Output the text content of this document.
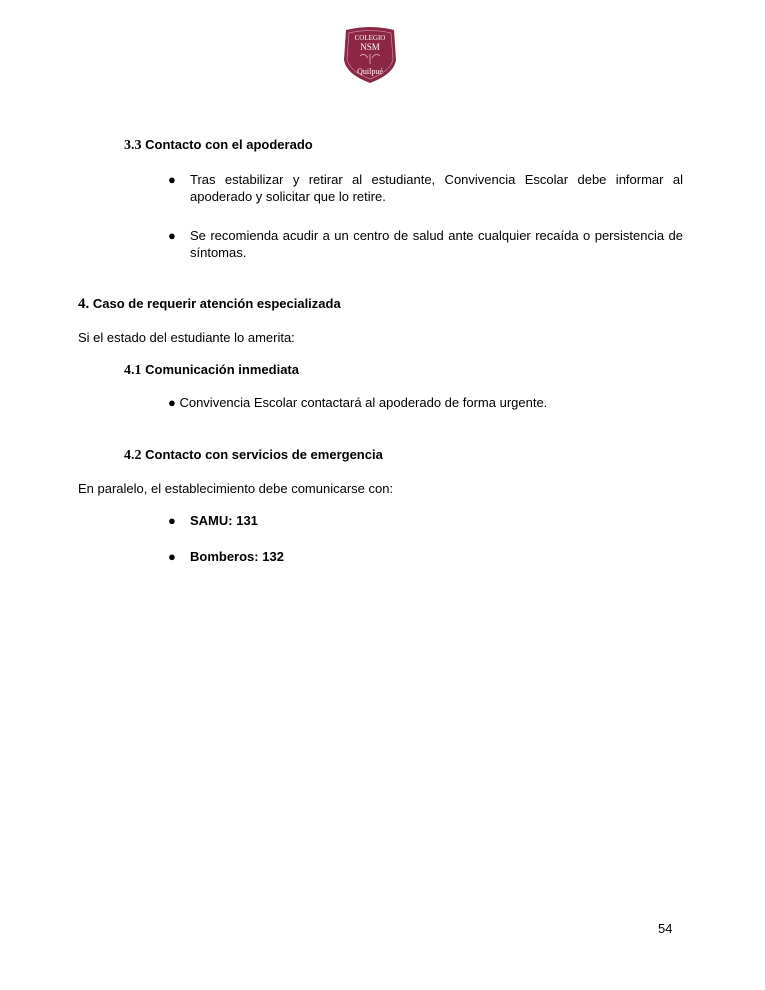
COLEGIO
NSM
Quilpué
3.3 Contacto con el apoderado
● Tras estabilizar y retirar al estudiante, Convivencia Escolar debe informar al apoderado y solicitar que lo retire.
● Se recomienda acudir a un centro de salud ante cualquier recaída o persistencia de síntomas.
4. Caso de requerir atención especializada
Si el estado del estudiante lo amerita:
4.1 Comunicación inmediata
● Convivencia Escolar contactará al apoderado de forma urgente.
4.2 Contacto con servicios de emergencia
En paralelo, el establecimiento debe comunicarse con:
● SAMU: 131
● Bomberos: 132
54
